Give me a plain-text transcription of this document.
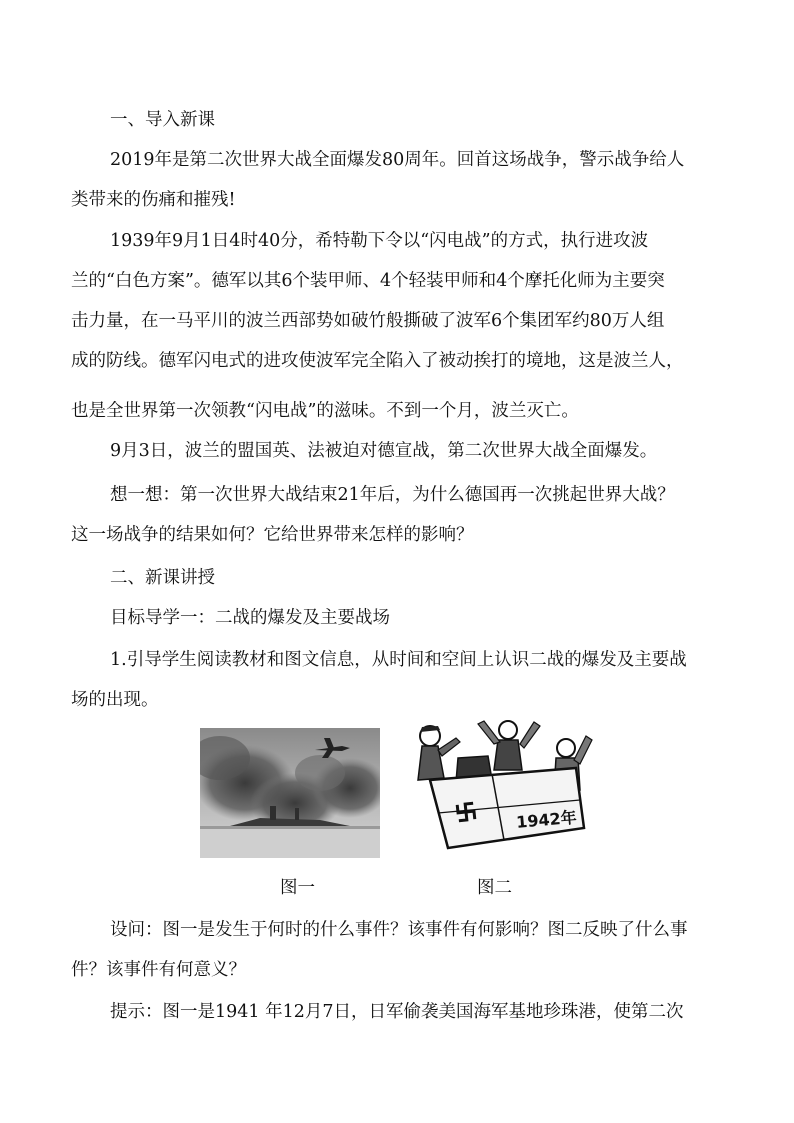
一、导入新课

2019年是第二次世界大战全面爆发80周年。回首这场战争，警示战争给人

类带来的伤痛和摧残!

1939年9月1日4时40分，希特勒下令以“闪电战”的方式，执行进攻波

兰的“白色方案”。德军以其6个装甲师、4个轻装甲师和4个摩托化师为主要突

击力量，在一马平川的波兰西部势如破竹般撕破了波军6个集团军约80万人组

成的防线。德军闪电式的进攻使波军完全陷入了被动挨打的境地，这是波兰人，

也是全世界第一次领教“闪电战”的滋味。不到一个月，波兰灭亡。

9月3日，波兰的盟国英、法被迫对德宣战，第二次世界大战全面爆发。

想一想：第一次世界大战结束21年后，为什么德国再一次挑起世界大战？

这一场战争的结果如何？它给世界带来怎样的影响？

二、新课讲授

目标导学一：二战的爆发及主要战场

1.引导学生阅读教材和图文信息，从时间和空间上认识二战的爆发及主要战

场的出现。

图一
1942年
图二

设问：图一是发生于何时的什么事件？该事件有何影响？图二反映了什么事

件？该事件有何意义？

提示：图一是1941 年12月7日，日军偷袭美国海军基地珍珠港，使第二次
